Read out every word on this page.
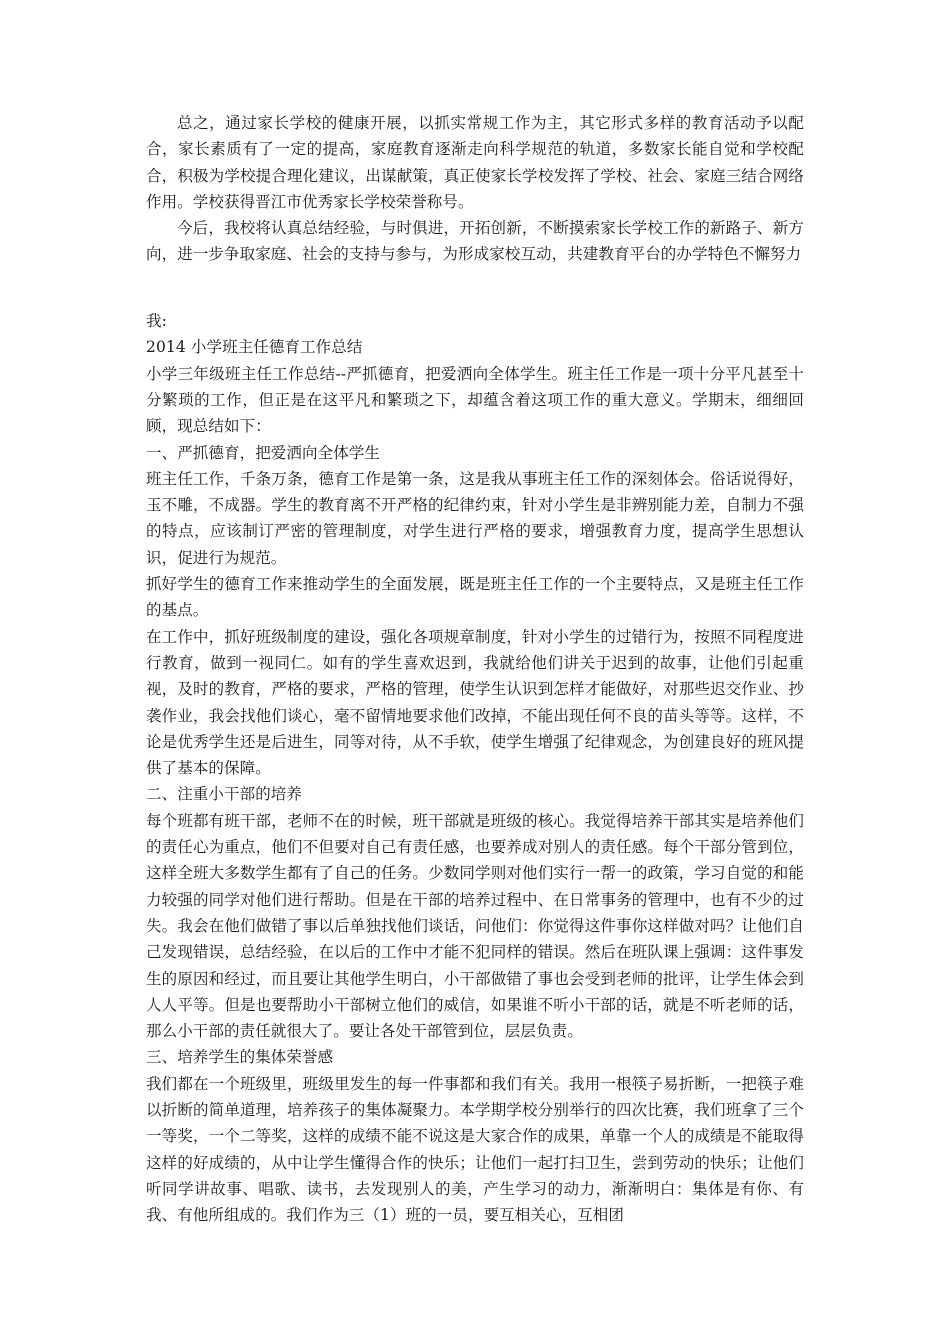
总之，通过家长学校的健康开展，以抓实常规工作为主，其它形式多样的教育活动予以配合，家长素质有了一定的提高，家庭教育逐渐走向科学规范的轨道，多数家长能自觉和学校配合，积极为学校提合理化建议，出谋献策，真正使家长学校发挥了学校、社会、家庭三结合网络作用。学校获得晋江市优秀家长学校荣誉称号。

今后，我校将认真总结经验，与时俱进，开拓创新，不断摸索家长学校工作的新路子、新方向，进一步争取家庭、社会的支持与参与，为形成家校互动，共建教育平台的办学特色不懈努力

我:

2014 小学班主任德育工作总结

小学三年级班主任工作总结--严抓德育，把爱洒向全体学生。班主任工作是一项十分平凡甚至十分繁琐的工作，但正是在这平凡和繁琐之下，却蕴含着这项工作的重大意义。学期末，细细回顾，现总结如下：

一、严抓德育，把爱洒向全体学生

班主任工作，千条万条，德育工作是第一条，这是我从事班主任工作的深刻体会。俗话说得好，玉不雕，不成器。学生的教育离不开严格的纪律约束，针对小学生是非辨别能力差，自制力不强的特点，应该制订严密的管理制度，对学生进行严格的要求，增强教育力度，提高学生思想认识，促进行为规范。

抓好学生的德育工作来推动学生的全面发展，既是班主任工作的一个主要特点，又是班主任工作的基点。

在工作中，抓好班级制度的建设，强化各项规章制度，针对小学生的过错行为，按照不同程度进行教育，做到一视同仁。如有的学生喜欢迟到，我就给他们讲关于迟到的故事，让他们引起重视，及时的教育，严格的要求，严格的管理，使学生认识到怎样才能做好，对那些迟交作业、抄袭作业，我会找他们谈心，毫不留情地要求他们改掉，不能出现任何不良的苗头等等。这样，不论是优秀学生还是后进生，同等对待，从不手软，使学生增强了纪律观念，为创建良好的班风提供了基本的保障。

二、注重小干部的培养

每个班都有班干部，老师不在的时候，班干部就是班级的核心。我觉得培养干部其实是培养他们的责任心为重点，他们不但要对自己有责任感，也要养成对别人的责任感。每个干部分管到位，这样全班大多数学生都有了自己的任务。少数同学则对他们实行一帮一的政策，学习自觉的和能力较强的同学对他们进行帮助。但是在干部的培养过程中、在日常事务的管理中，也有不少的过失。我会在他们做错了事以后单独找他们谈话，问他们：你觉得这件事你这样做对吗？让他们自己发现错误，总结经验，在以后的工作中才能不犯同样的错误。然后在班队课上强调：这件事发生的原因和经过，而且要让其他学生明白，小干部做错了事也会受到老师的批评，让学生体会到人人平等。但是也要帮助小干部树立他们的威信，如果谁不听小干部的话，就是不听老师的话，那么小干部的责任就很大了。要让各处干部管到位，层层负责。

三、培养学生的集体荣誉感

我们都在一个班级里，班级里发生的每一件事都和我们有关。我用一根筷子易折断，一把筷子难以折断的简单道理，培养孩子的集体凝聚力。本学期学校分别举行的四次比赛，我们班拿了三个一等奖，一个二等奖，这样的成绩不能不说这是大家合作的成果，单靠一个人的成绩是不能取得这样的好成绩的，从中让学生懂得合作的快乐；让他们一起打扫卫生，尝到劳动的快乐；让他们听同学讲故事、唱歌、读书，去发现别人的美，产生学习的动力，渐渐明白：集体是有你、有我、有他所组成的。我们作为三（1）班的一员，要互相关心，互相团
